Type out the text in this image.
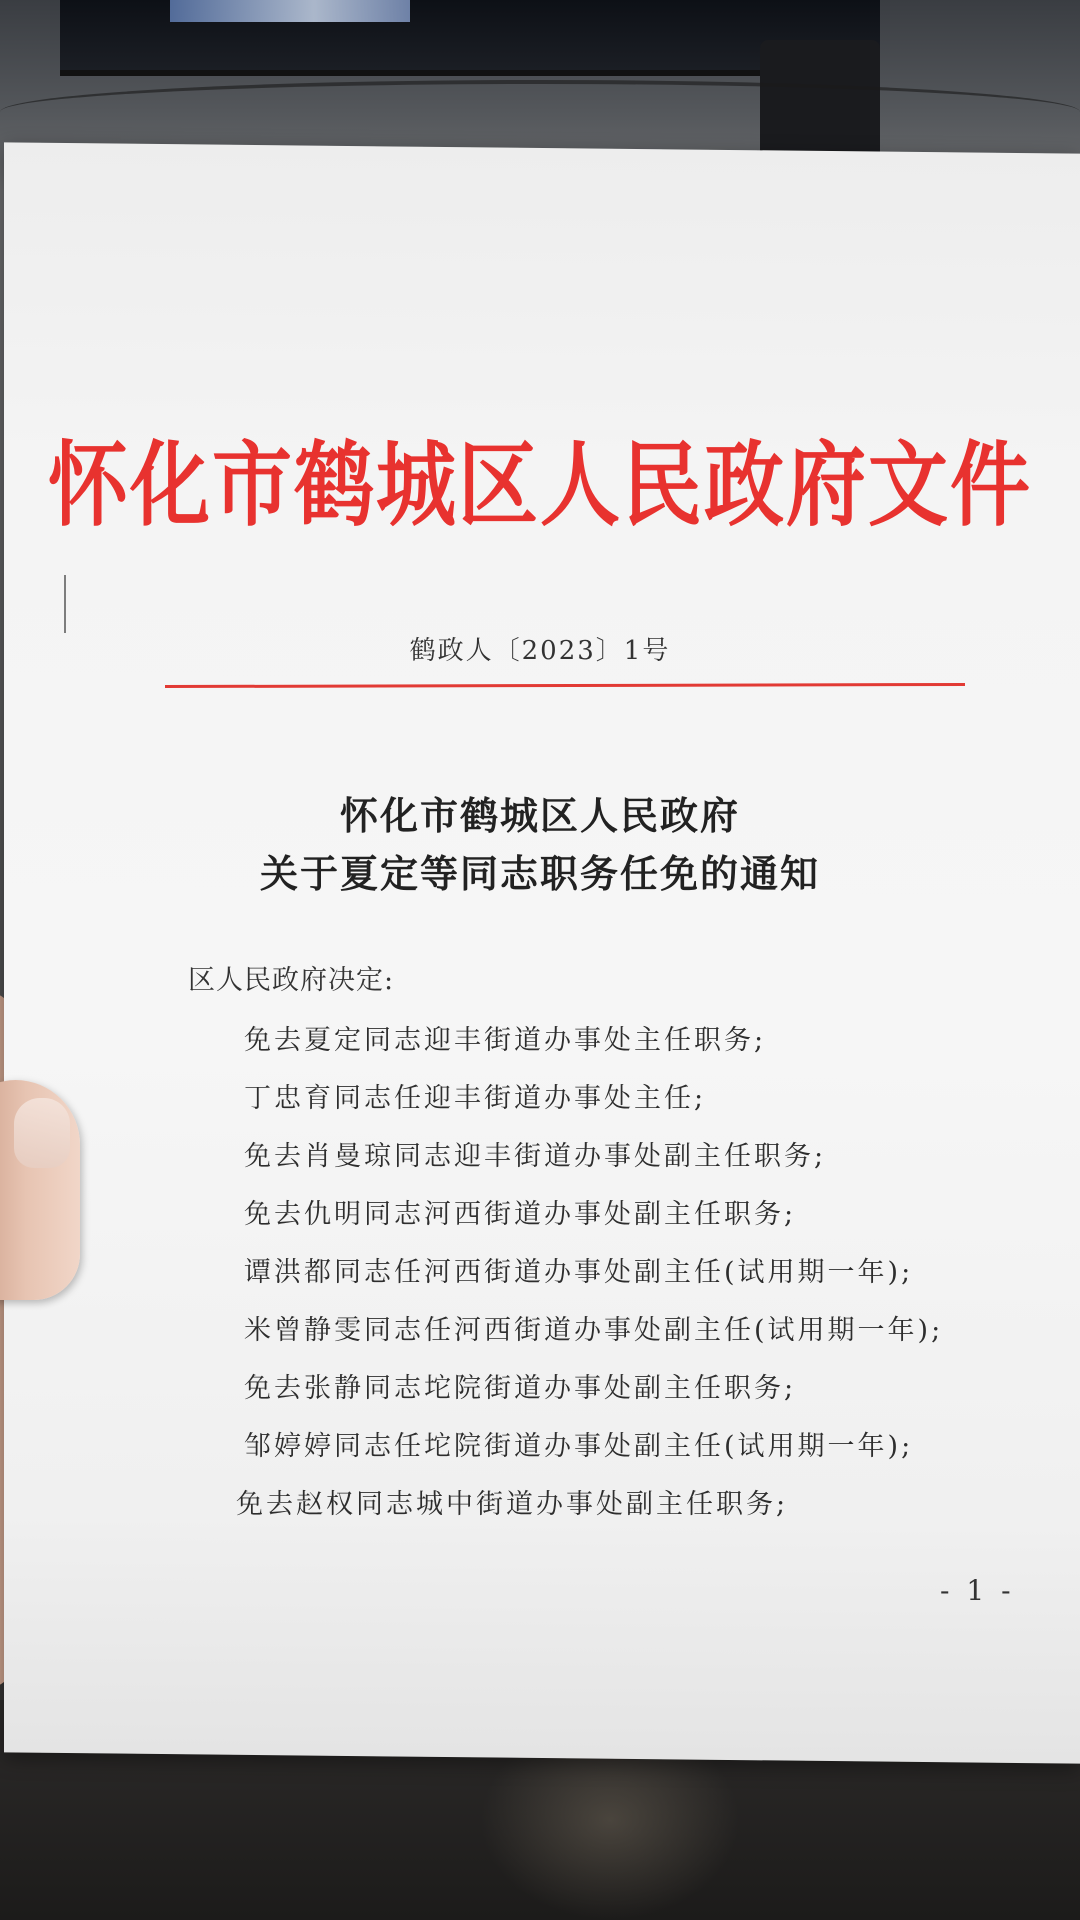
怀化市鹤城区人民政府文件
鹤政人〔2023〕1号
怀化市鹤城区人民政府
关于夏定等同志职务任免的通知
区人民政府决定:
免去夏定同志迎丰街道办事处主任职务;
丁忠育同志任迎丰街道办事处主任;
免去肖曼琼同志迎丰街道办事处副主任职务;
免去仇明同志河西街道办事处副主任职务;
谭洪都同志任河西街道办事处副主任(试用期一年);
米曾静雯同志任河西街道办事处副主任(试用期一年);
免去张静同志坨院街道办事处副主任职务;
邹婷婷同志任坨院街道办事处副主任(试用期一年);
免去赵权同志城中街道办事处副主任职务;
- 1 -
